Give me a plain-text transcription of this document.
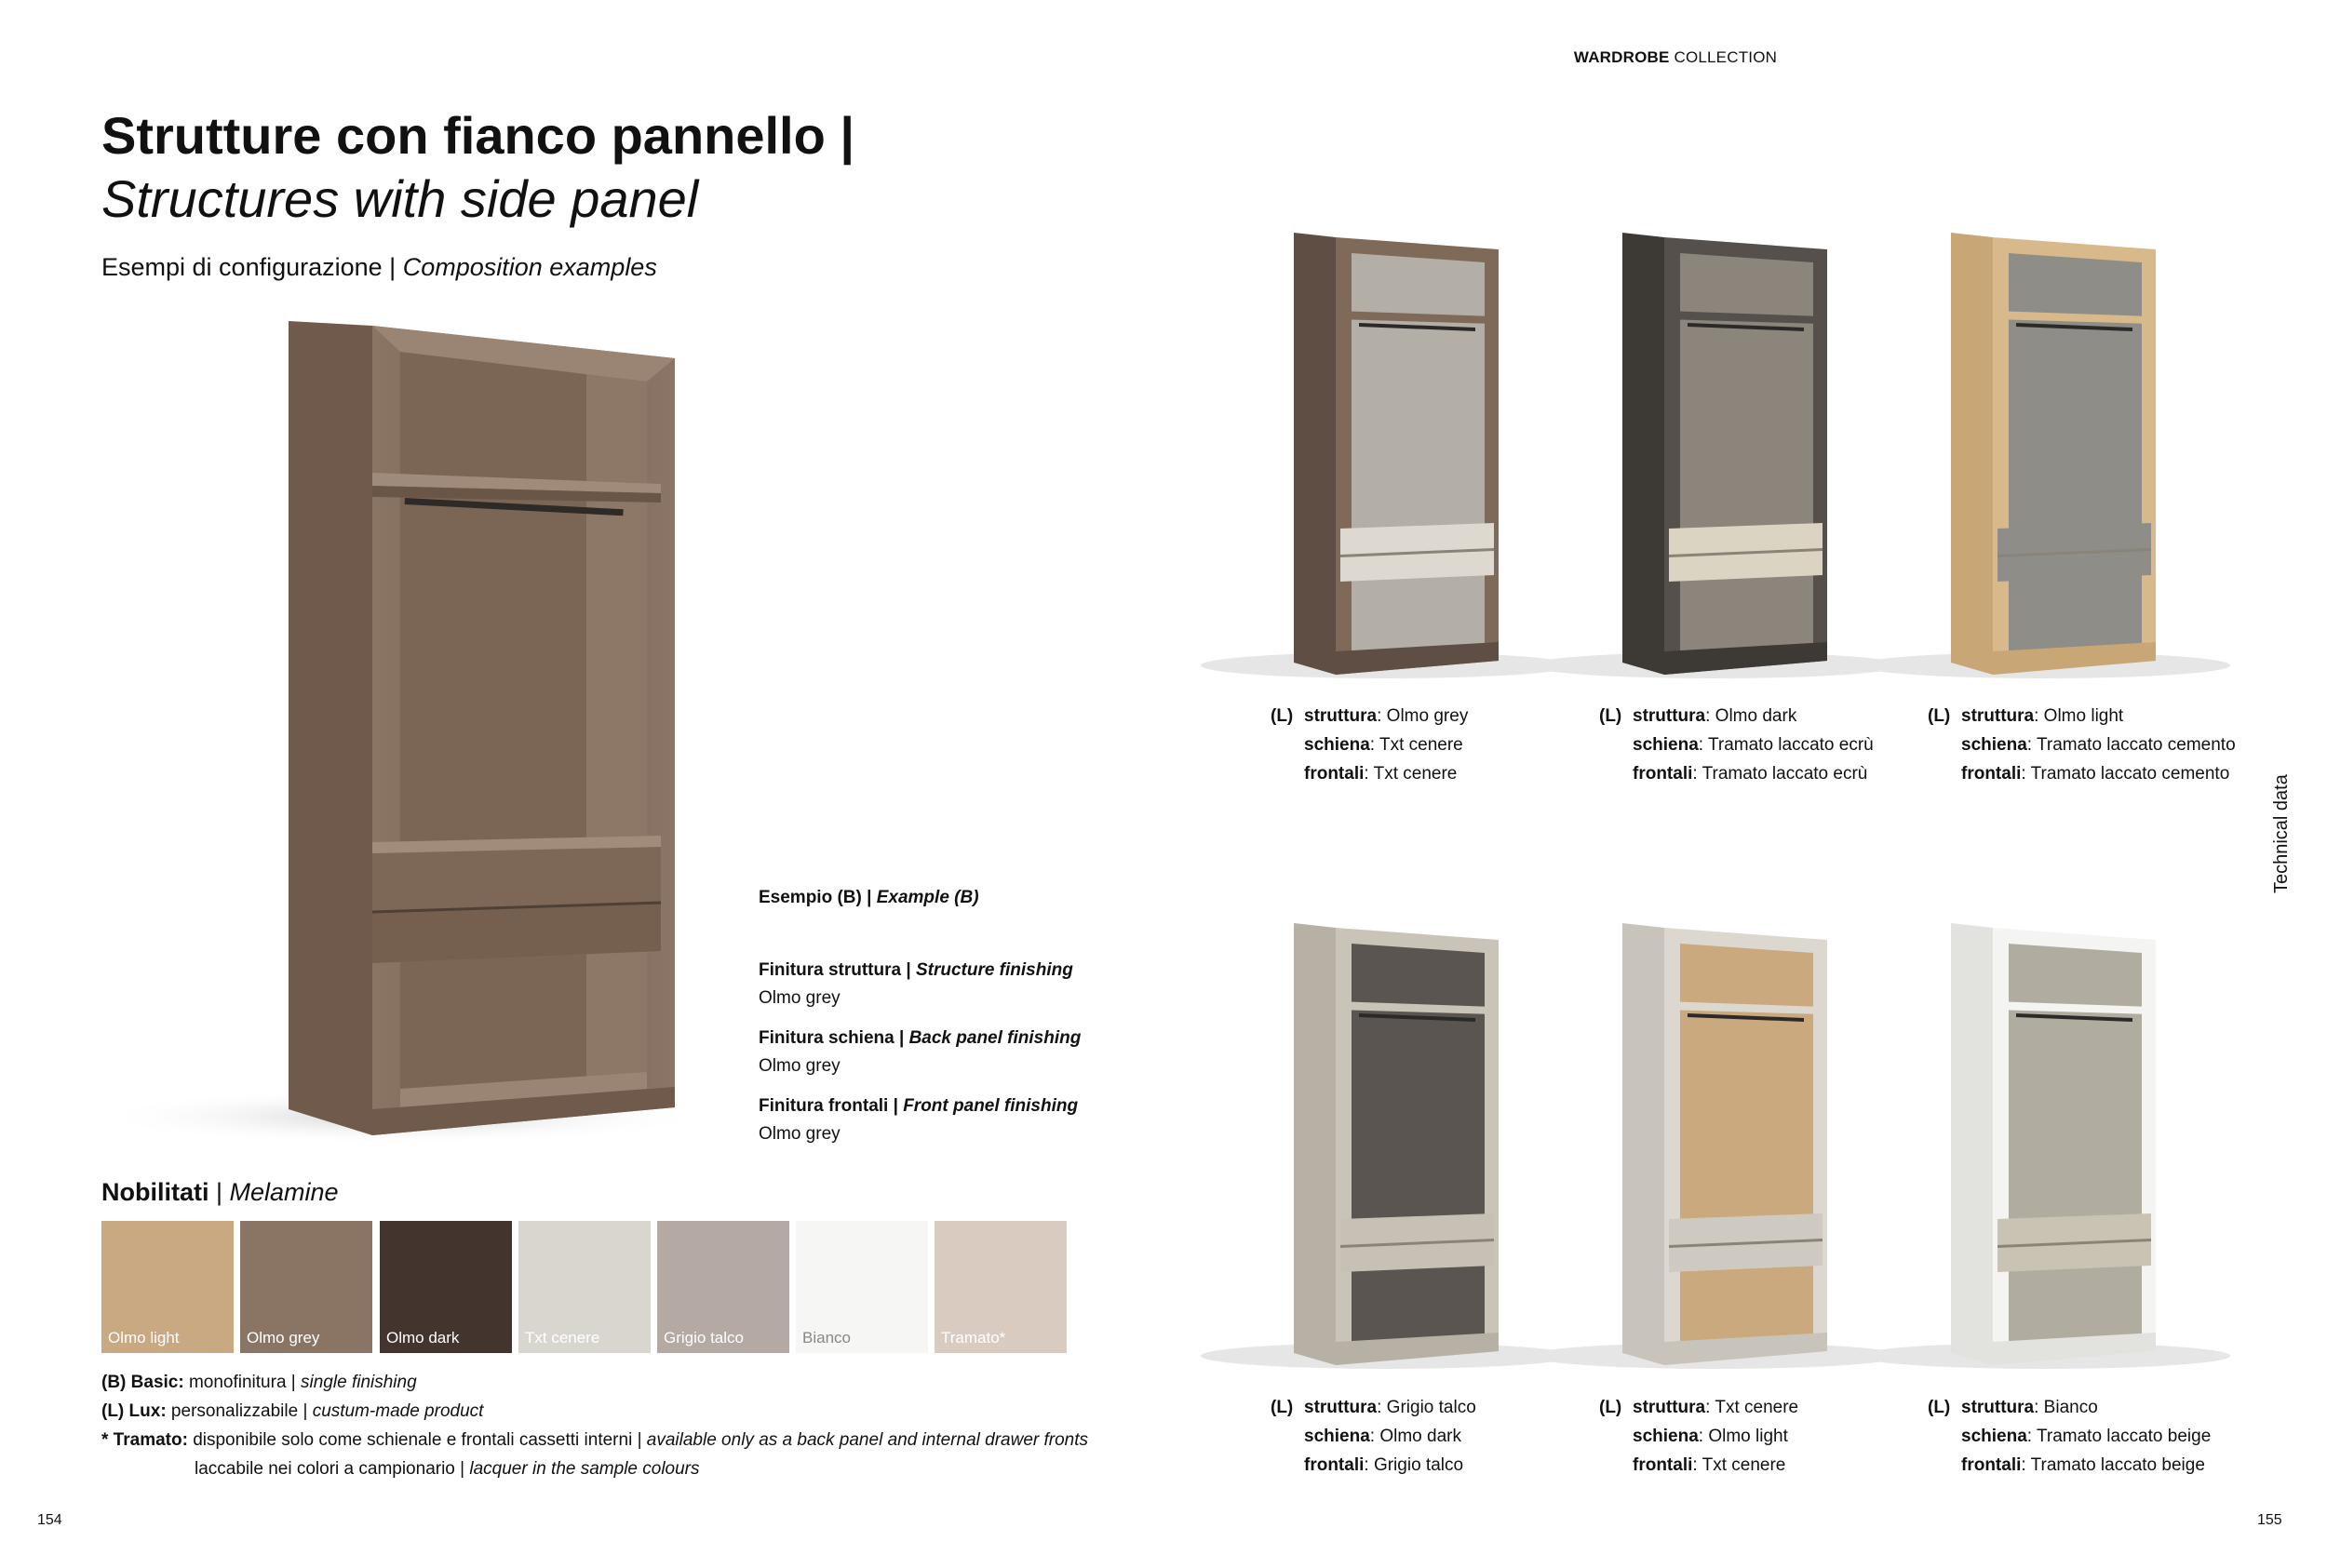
WARDROBE COLLECTION
Strutture con fianco pannello |
Structures with side panel
Esempi di configurazione | Composition examples
Esempio (B) | Example (B)
Finitura struttura | Structure finishing
Olmo grey
Finitura schiena | Back panel finishing
Olmo grey
Finitura frontali | Front panel finishing
Olmo grey
Nobilitati | Melamine
Olmo light	Olmo grey	Olmo dark	Txt cenere	Grigio talco	Bianco	Tramato*
(B) Basic: monofinitura | single finishing
(L) Lux: personalizzabile | custum-made product
* Tramato: disponibile solo come schienale e frontali cassetti interni | available only as a back panel and internal drawer fronts
laccabile nei colori a campionario | lacquer in the sample colours
(L) struttura : Olmo grey
schiena : Txt cenere
frontali : Txt cenere
(L) struttura : Olmo dark
schiena : Tramato laccato ecrù
frontali : Tramato laccato ecrù
(L) struttura : Olmo light
schiena : Tramato laccato cemento
frontali : Tramato laccato cemento
(L) struttura : Grigio talco
schiena : Olmo dark
frontali : Grigio talco
(L) struttura : Txt cenere
schiena : Olmo light
frontali : Txt cenere
(L) struttura : Bianco
schiena : Tramato laccato beige
frontali : Tramato laccato beige
154	155
Technical data
